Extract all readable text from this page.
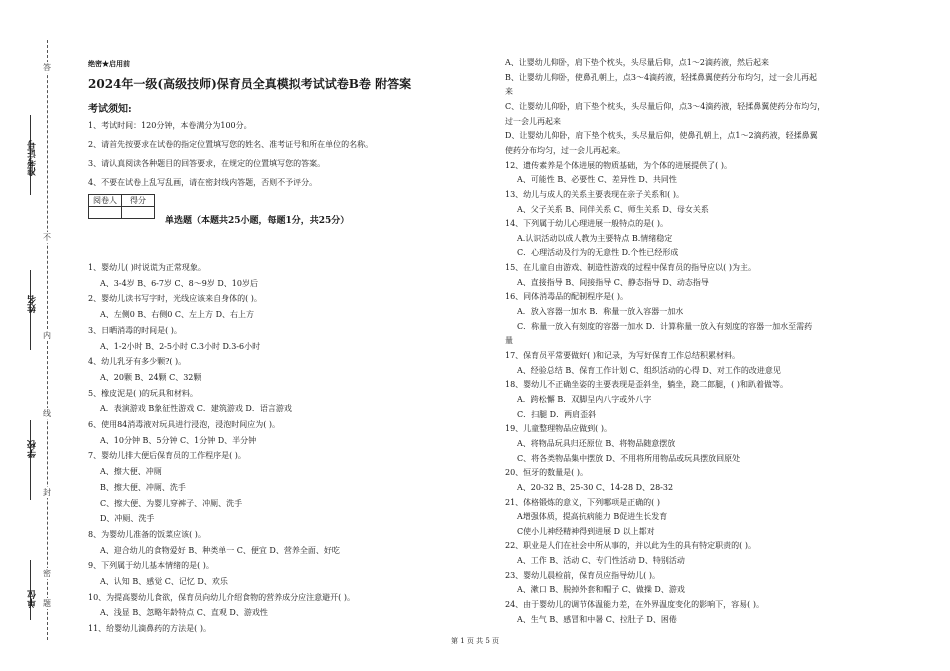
准考证号
姓名
学校
单位
答
不
内
线
封
密
题
绝密★启用前
2024年一级(高级技师)保育员全真模拟考试试卷B卷 附答案
考试须知:
1、考试时间：120分钟，本卷满分为100分。
2、请首先按要求在试卷的指定位置填写您的姓名、准考证号和所在单位的名称。
3、请认真阅读各种题目的回答要求，在规定的位置填写您的答案。
4、不要在试卷上乱写乱画，请在密封线内答题，否则不予评分。
阅卷人	得分

单选题（本题共25小题，每题1分，共25分）
1、婴幼儿( )时说谎为正常现象。
A、3-4岁 B、6-7岁 C、8～9岁 D、10岁后
2、婴幼儿读书写字时，光线应该来自身体的( )。
A、左侧0 B、右侧0 C、左上方 D、右上方
3、日晒消毒的时间是( )。
A、1-2小时 B、2-5小时 C.3小时 D.3-6小时
4、幼儿乳牙有多少颗?( )。
A、20颗 B、24颗 C、32颗
5、橡皮泥是( )的玩具和材料。
A．表演游戏 B象征性游戏 C．建筑游戏 D．语言游戏
6、使用84消毒液对玩具进行浸泡，浸泡时间应为( )。
A、10分钟 B、5分钟 C、1分钟 D、半分钟
7、婴幼儿排大便后保育员的工作程序是( )。
A、擦大便、冲厕
B、擦大便、冲厕、洗手
C、擦大便、为婴儿穿裤子、冲厕、洗手
D、冲厕、洗手
8、为婴幼儿准备的饭菜应该( )。
A、迎合幼儿的食物爱好 B、种类单一 C、便宜 D、营养全面、好吃
9、下列属于幼儿基本情绪的是( )。
A、认知 B、感觉 C、记忆 D、欢乐
10、为提高婴幼儿食欲，保育员向幼儿介绍食物的营养成分应注意避开( )。
A、浅显 B、忽略年龄特点 C、直观 D、游戏性
11、给婴幼儿滴鼻药的方法是( )。
A、让婴幼儿仰卧，肩下垫个枕头，头尽量后仰，点1～2滴药液，然后起来
B、让婴幼儿仰卧，使鼻孔朝上，点3～4滴药液，轻揉鼻翼使药分布均匀，过一会儿再起
来
C、让婴幼儿仰卧，肩下垫个枕头，头尽量后仰，点3～4滴药液，轻揉鼻翼使药分布均匀，
过一会儿再起来
D、让婴幼儿仰卧，肩下垫个枕头，头尽量后仰，使鼻孔朝上，点1～2滴药液，轻揉鼻翼
使药分布均匀，过一会儿再起来。
12、遗传素养是个体进展的物质基础，为个体的进展提供了( )。
A、可能性 B、必要性 C、差异性 D、共同性
13、幼儿与成人的关系主要表现在亲子关系和( )。
A、父子关系 B、同伴关系 C、师生关系 D、母女关系
14、下列属于幼儿心理进展一般特点的是( )。
A.认识活动以成人教为主要特点 B.情绪稳定
C．心理活动及行为的无意性 D.个性已经形成
15、在儿童自由游戏、制造性游戏的过程中保育员的指导应以( )为主。
A、直接指导 B、间接指导 C、静态指导 D、动态指导
16、同体消毒品的配制程序是( )。
A．放入容器一加水 B．称量一放入容器一加水
C．称量一放入有刻度的容器一加水 D．计算称量一放入有刻度的容器一加水至需药
量
17、保育员平常要做好( )和记录，为写好保育工作总结积累材料。
A、经验总结 B、保育工作计划 C、组织活动的心得 D、对工作的改进意见
18、婴幼儿不正确坐姿的主要表现是歪斜坐，躺坐，跷二郎腿，( )和趴着做等。
A．跨松懈 B．双脚呈内八字或外八字
C．扫腿 D．两肩歪斜
19、儿童整理物品应做到( )。
A、将物品玩具归还原位 B、将物品随意摆放
C、将各类物品集中摆放 D、不用将所用物品或玩具摆放回原处
20、恒牙的数量是( )。
A、20-32 B、25-30 C、14-28 D、28-32
21、体格锻炼的意义，下列哪项是正确的( )
A增强体质，提高抗病能力 B促进生长发育
C使小儿神经精神得到进展 D 以上都对
22、职业是人们在社会中所从事的，并以此为生的具有特定职责的( )。
A、工作 B、活动 C、专门性活动 D、特别活动
23、婴幼儿晨检前，保育员应指导幼儿( )。
A、漱口 B、脱掉外套和帽子 C、做操 D、游戏
24、由于婴幼儿的调节体温能力差，在外界温度变化的影响下，容易( )。
A、生气 B、感冒和中暑 C、拉肚子 D、困倦
第 1 页 共 5 页
